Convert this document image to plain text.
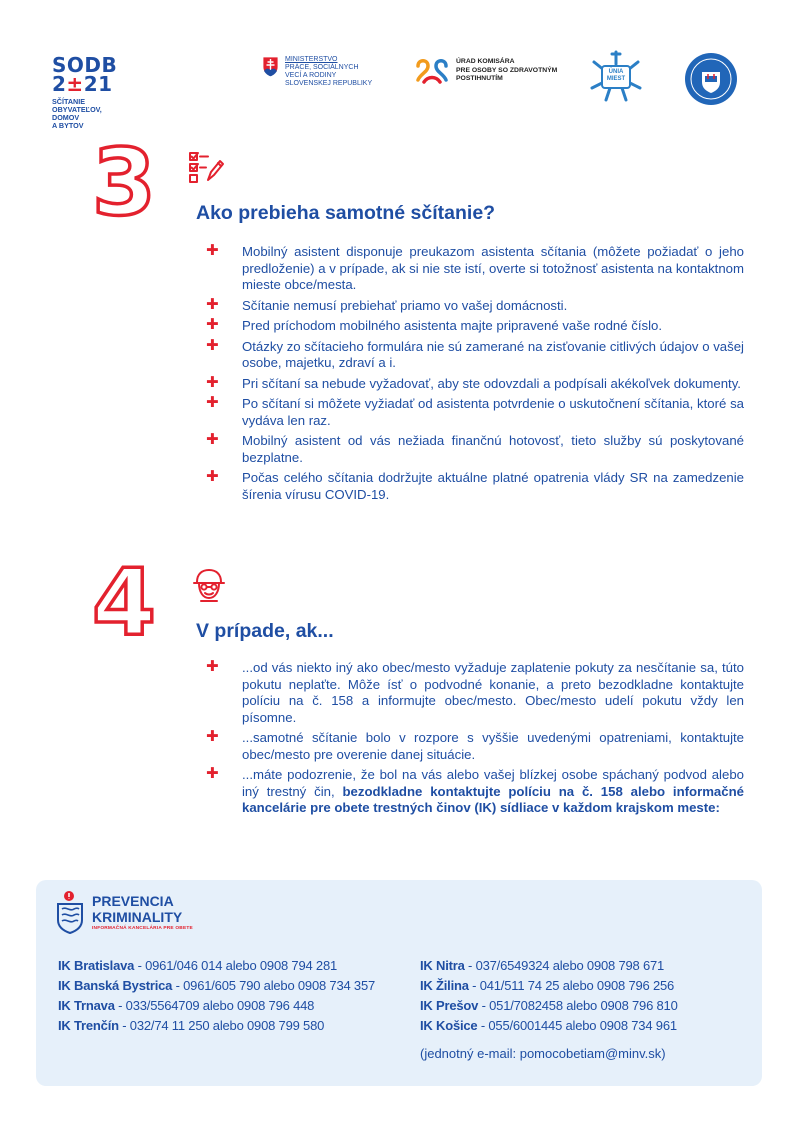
SODB
2±21
SČÍTANIE
OBYVATEĽOV,
DOMOV
A BYTOV
MINISTERSTVO
PRÁCE, SOCIÁLNYCH
VECÍ A RODINY
SLOVENSKEJ REPUBLIKY
ÚRAD KOMISÁRA
PRE OSOBY SO ZDRAVOTNÝM
POSTIHNUTÍM
ÚNIA
MIEST
3 Ako prebieha samotné sčítanie?
✚ Mobilný asistent disponuje preukazom asistenta sčítania (môžete požiadať o jeho predloženie) a v prípade, ak si nie ste istí, overte si totožnosť asistenta na kontaktnom mieste obce/mesta.
✚ Sčítanie nemusí prebiehať priamo vo vašej domácnosti.
✚ Pred príchodom mobilného asistenta majte pripravené vaše rodné číslo.
✚ Otázky zo sčítacieho formulára nie sú zamerané na zisťovanie citlivých údajov o vašej osobe, majetku, zdraví a i.
✚ Pri sčítaní sa nebude vyžadovať, aby ste odovzdali a podpísali akékoľvek dokumenty.
✚ Po sčítaní si môžete vyžiadať od asistenta potvrdenie o uskutočnení sčítania, ktoré sa vydáva len raz.
✚ Mobilný asistent od vás nežiada finančnú hotovosť, tieto služby sú poskytované bezplatne.
✚ Počas celého sčítania dodržujte aktuálne platné opatrenia vlády SR na zamedzenie šírenia vírusu COVID-19.
4 V prípade, ak...
✚ ...od vás niekto iný ako obec/mesto vyžaduje zaplatenie pokuty za nesčítanie sa, túto pokutu neplaťte. Môže ísť o podvodné konanie, a preto bezodkladne kontaktujte políciu na č. 158 a informujte obec/mesto. Obec/mesto udelí pokutu vždy len písomne.
✚ ...samotné sčítanie bolo v rozpore s vyššie uvedenými opatreniami, kontaktujte obec/mesto pre overenie danej situácie.
✚ ...máte podozrenie, že bol na vás alebo vašej blízkej osobe spáchaný podvod alebo iný trestný čin, bezodkladne kontaktujte políciu na č. 158 alebo informačné kancelárie pre obete trestných činov (IK) sídliace v každom krajskom meste:
PREVENCIA
KRIMINALITY
INFORMAČNÁ KANCELÁRIA PRE OBETE
IK Bratislava - 0961/046 014 alebo 0908 794 281
IK Banská Bystrica - 0961/605 790 alebo 0908 734 357
IK Trnava - 033/5564709 alebo 0908 796 448
IK Trenčín - 032/74 11 250 alebo 0908 799 580
IK Nitra - 037/6549324 alebo 0908 798 671
IK Žilina - 041/511 74 25 alebo 0908 796 256
IK Prešov - 051/7082458 alebo 0908 796 810
IK Košice - 055/6001445 alebo 0908 734 961
(jednotný e-mail: pomocobetiam@minv.sk)
